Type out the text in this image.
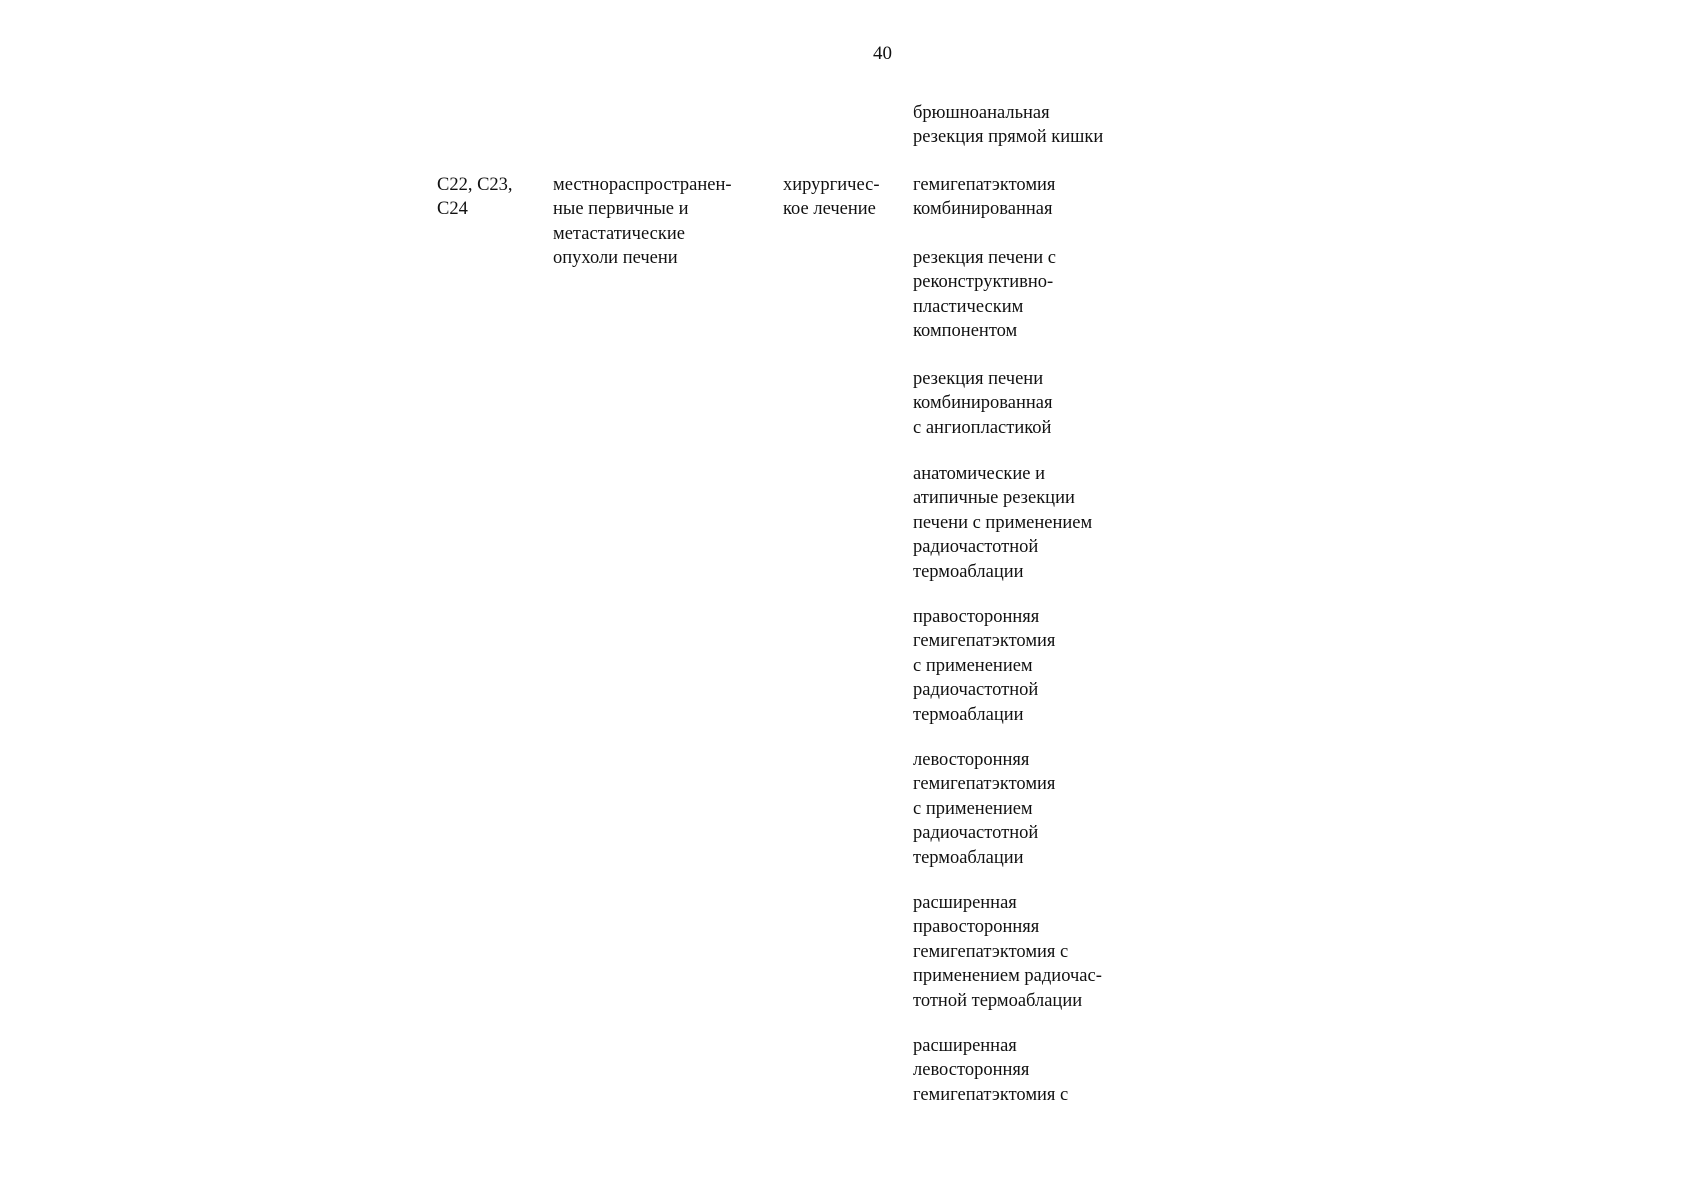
40
C22, C23,
C24
местнораспространен-
ные первичные и
метастатические
опухоли печени
хирургичес-
кое лечение
брюшноанальная
резекция прямой кишки
гемигепатэктомия
комбинированная
резекция печени с
реконструктивно-
пластическим
компонентом
резекция печени
комбинированная
с ангиопластикой
анатомические и
атипичные резекции
печени с применением
радиочастотной
термоаблации
правосторонняя
гемигепатэктомия
с применением
радиочастотной
термоаблации
левосторонняя
гемигепатэктомия
с применением
радиочастотной
термоаблации
расширенная
правосторонняя
гемигепатэктомия с
применением радиочас-
тотной термоаблации
расширенная
левосторонняя
гемигепатэктомия с
